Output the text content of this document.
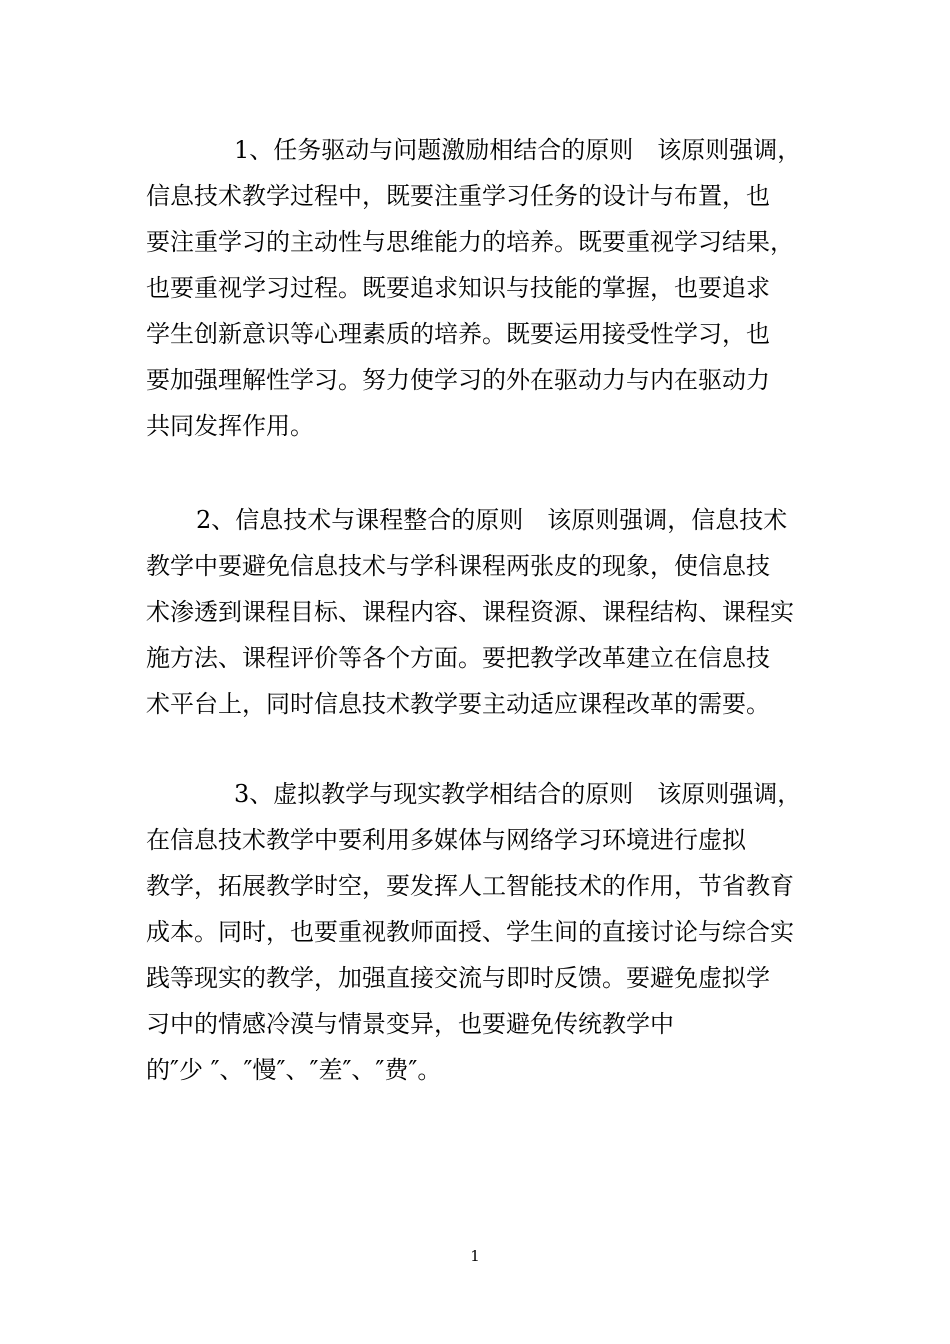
1、任务驱动与问题激励相结合的原则　该原则强调，
信息技术教学过程中，既要注重学习任务的设计与布置，也
要注重学习的主动性与思维能力的培养。既要重视学习结果，
也要重视学习过程。既要追求知识与技能的掌握，也要追求
学生创新意识等心理素质的培养。既要运用接受性学习，也
要加强理解性学习。努力使学习的外在驱动力与内在驱动力
共同发挥作用。
2、信息技术与课程整合的原则　该原则强调，信息技术
教学中要避免信息技术与学科课程两张皮的现象，使信息技
术渗透到课程目标、课程内容、课程资源、课程结构、课程实
施方法、课程评价等各个方面。要把教学改革建立在信息技
术平台上，同时信息技术教学要主动适应课程改革的需要。
3、虚拟教学与现实教学相结合的原则　该原则强调，
在信息技术教学中要利用多媒体与网络学习环境进行虚拟
教学，拓展教学时空，要发挥人工智能技术的作用，节省教育
成本。同时，也要重视教师面授、学生间的直接讨论与综合实
践等现实的教学，加强直接交流与即时反馈。要避免虚拟学
习中的情感冷漠与情景变异，也要避免传统教学中
的″少 ″、″慢″、″差″、″费″。
1
